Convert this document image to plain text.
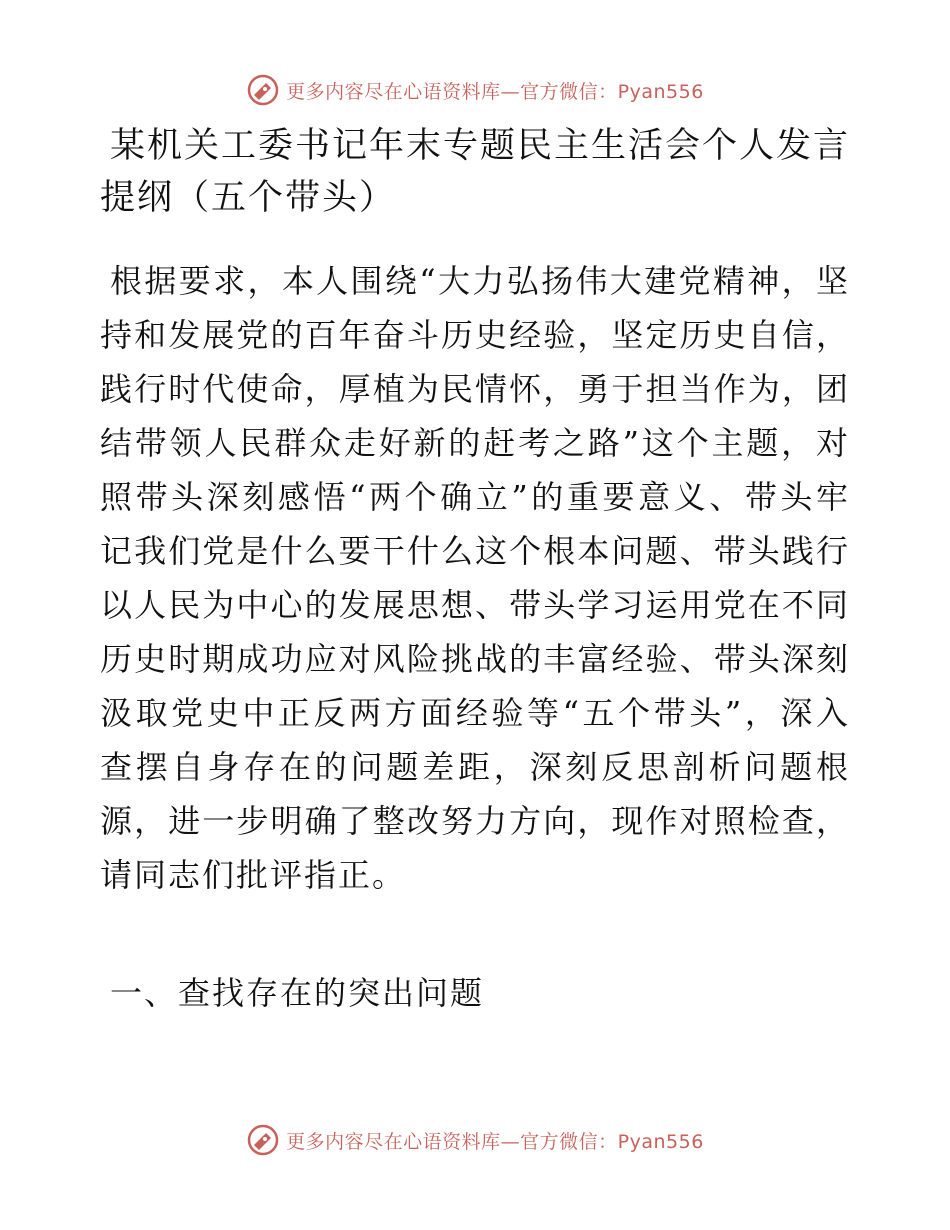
更多内容尽在心语资料库—官方微信：Pyan556
某机关工委书记年末专题民主生活会个人发言提纲（五个带头）

根据要求，本人围绕“大力弘扬伟大建党精神，坚持和发展党的百年奋斗历史经验，坚定历史自信，践行时代使命，厚植为民情怀，勇于担当作为，团结带领人民群众走好新的赶考之路”这个主题，对照带头深刻感悟“两个确立”的重要意义、带头牢记我们党是什么要干什么这个根本问题、带头践行以人民为中心的发展思想、带头学习运用党在不同历史时期成功应对风险挑战的丰富经验、带头深刻汲取党史中正反两方面经验等“五个带头”，深入查摆自身存在的问题差距，深刻反思剖析问题根源，进一步明确了整改努力方向，现作对照检查，请同志们批评指正。

一、查找存在的突出问题
更多内容尽在心语资料库—官方微信：Pyan556
